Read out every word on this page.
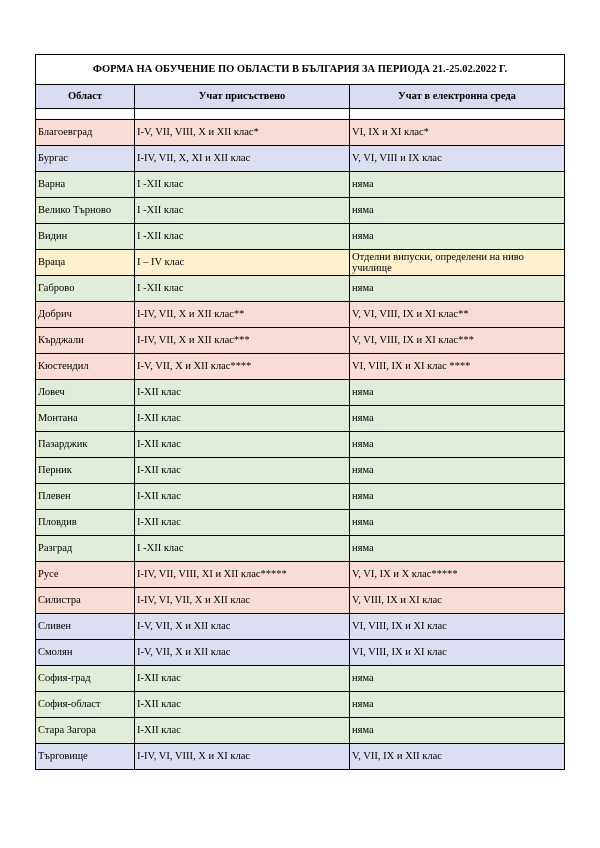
ФОРМА НА ОБУЧЕНИЕ ПО ОБЛАСТИ В БЪЛГАРИЯ ЗА ПЕРИОДА 21.-25.02.2022 Г.		
Област	Учат присъствено	Учат в електронна среда

Благоевград	I-V, VII, VIII, X и XII клас*	VI, IX и XI клас*
Бургас	I-IV, VII, X, XI и XII клас	V, VI, VIII и IX клас
Варна	I -XII клас	няма
Велико Търново	I -XII клас	няма
Видин	I -XII клас	няма
Враца	I – IV клас	Отделни випуски, определени на ниво училище
Габрово	I -XII клас	няма
Добрич	I-IV, VII, X и XII клас**	V, VI, VIII, IX и XI клас**
Кърджали	I-IV, VII, X и XII клас***	V, VI, VIII, IX и XI клас***
Кюстендил	I-V, VII, X и XII клас****	VI, VIII, IX и XI клас ****
Ловеч	I-XII клас	няма
Монтана	I-XII клас	няма
Пазарджик	I-XII клас	няма
Перник	I-XII клас	няма
Плевен	I-XII клас	няма
Пловдив	I-XII клас	няма
Разград	I -XII клас	няма
Русе	I-IV, VII, VIII, XI и XII клас*****	V, VI, IX и X клас*****
Силистра	I-IV, VI, VII, X и XII клас	V, VIII, IX и XI клас
Сливен	I-V, VII, X и XII клас	VI, VIII, IX и XI клас
Смолян	I-V, VII, X и XII клас	VI, VIII, IX и XI клас
София-град	I-XII клас	няма
София-област	I-XII клас	няма
Стара Загора	I-XII клас	няма
Търговище	I-IV, VI, VIII, X и XI клас	V, VII, IX и XII клас
